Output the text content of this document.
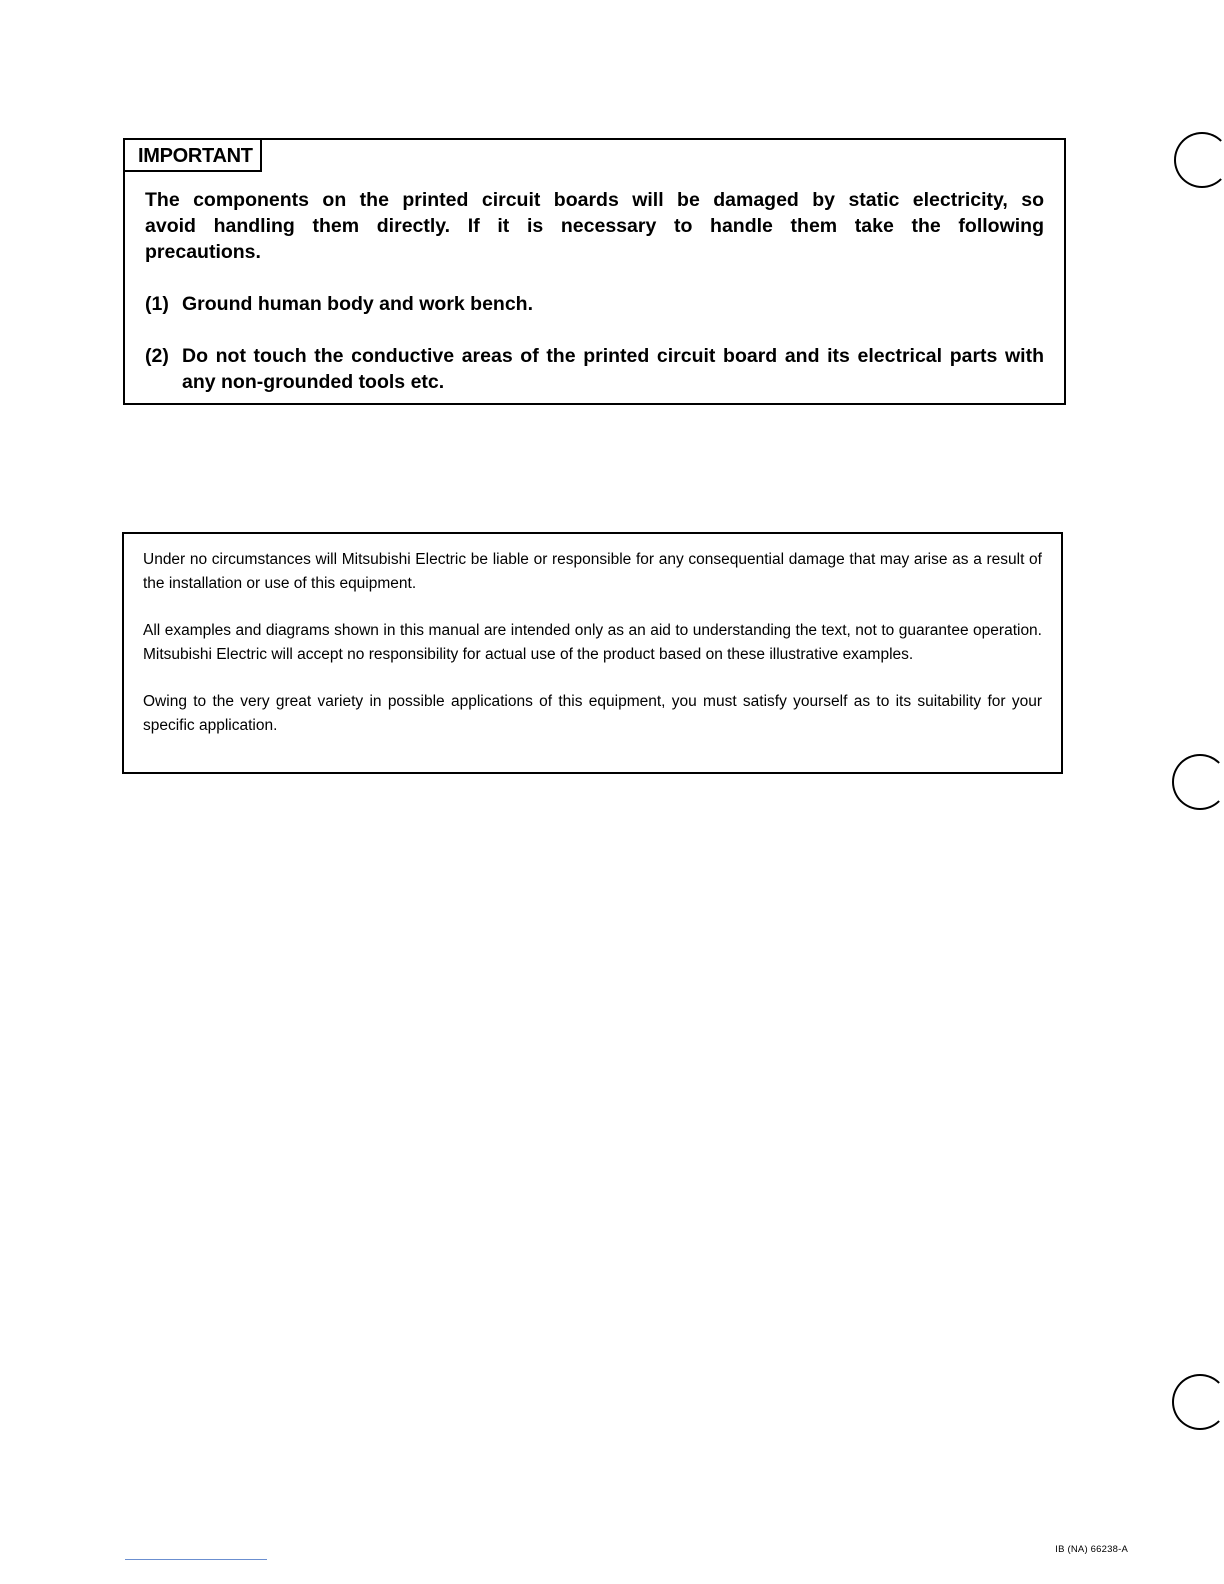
IMPORTANT

The components on the printed circuit boards will be damaged by static electricity, so avoid handling them directly. If it is necessary to handle them take the following precautions.

(1) Ground human body and work bench.
(2) Do not touch the conductive areas of the printed circuit board and its electrical parts with any non-grounded tools etc.

Under no circumstances will Mitsubishi Electric be liable or responsible for any consequential damage that may arise as a result of the installation or use of this equipment.

All examples and diagrams shown in this manual are intended only as an aid to understanding the text, not to guarantee operation. Mitsubishi Electric will accept no responsibility for actual use of the product based on these illustrative examples.

Owing to the very great variety in possible applications of this equipment, you must satisfy yourself as to its suitability for your specific application.

IB (NA) 66238-A
